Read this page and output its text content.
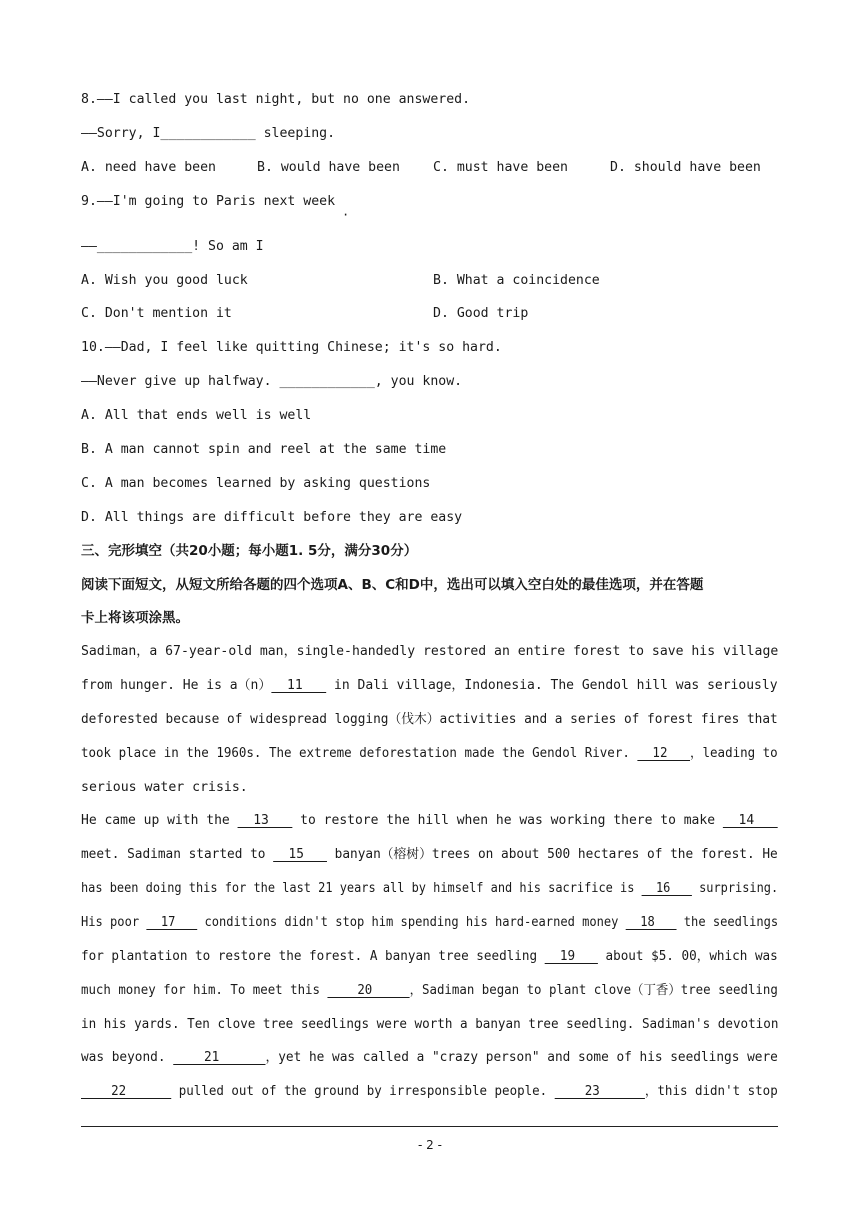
8.——I called you last night, but no one answered.
——Sorry, I____________ sleeping.
A. need have been	B. would have been	C. must have been	D. should have been
9.——I'm going to Paris next week
·
——____________! So am I
A. Wish you good luck	B. What a coincidence
C. Don't mention it	D. Good trip
10.——Dad, I feel like quitting Chinese; it's so hard.
——Never give up halfway. ____________, you know.
A. All that ends well is well
B. A man cannot spin and reel at the same time
C. A man becomes learned by asking questions
D. All things are difficult before they are easy
三、完形填空（共20小题；每小题1. 5分，满分30分）
阅读下面短文，从短文所给各题的四个选项A、B、C和D中，选出可以填入空白处的最佳选项，并在答题
卡上将该项涂黑。
Sadiman，a 67-year-old man，single-handedly restored an entire forest to save his village
from hunger. He is a（n）  11    in Dali village，Indonesia. The Gendol hill was seriously
deforested because of widespread logging（伐木）activities and a series of forest fires that
took place in the 1960s. The extreme deforestation made the Gendol River.   12   ，leading to
serious water crisis.
He came up with the   13    to restore the hill when he was working there to make   14
meet. Sadiman started to   15    banyan（榕树）trees on about 500 hectares of the forest. He
has been doing this for the last 21 years all by himself and his sacrifice is   16    surprising.
His poor   17    conditions didn't stop him spending his hard-earned money   18    the seedlings
for plantation to restore the forest. A banyan tree seedling   19    about $5. 00，which was
much money for him. To meet this     20     ，Sadiman began to plant clove（丁香）tree seedling
in his yards. Ten clove tree seedlings were worth a banyan tree seedling. Sadiman's devotion
was beyond.     21      ，yet he was called a "crazy person" and some of his seedlings were
22       pulled out of the ground by irresponsible people.     23      ，this didn't stop
- 2 -
